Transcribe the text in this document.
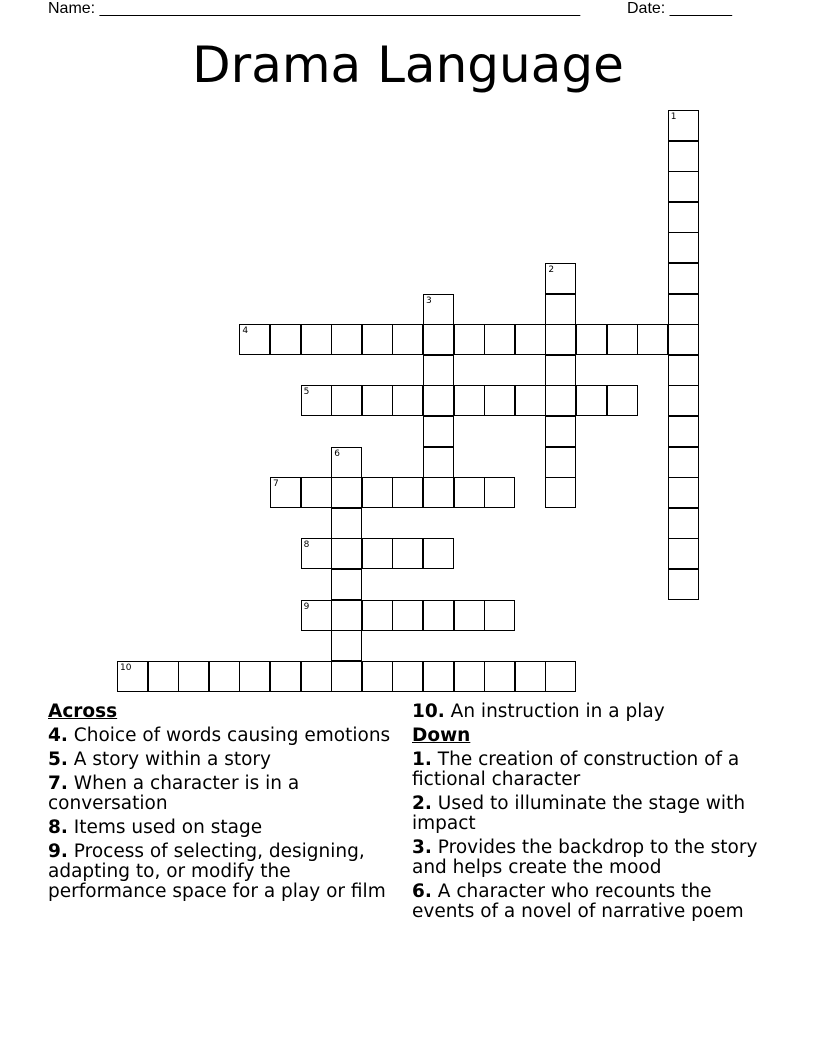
Name: ______________________________________________________	Date: _______
Drama Language
1
2
3
4
5
6
7
8
9
10
Across
4. Choice of words causing emotions
5. A story within a story
7. When a character is in a conversation
8. Items used on stage
9. Process of selecting, designing, adapting to, or modify the performance space for a play or film
10. An instruction in a play
Down
1. The creation of construction of a fictional character
2. Used to illuminate the stage with impact
3. Provides the backdrop to the story and helps create the mood
6. A character who recounts the events of a novel of narrative poem
